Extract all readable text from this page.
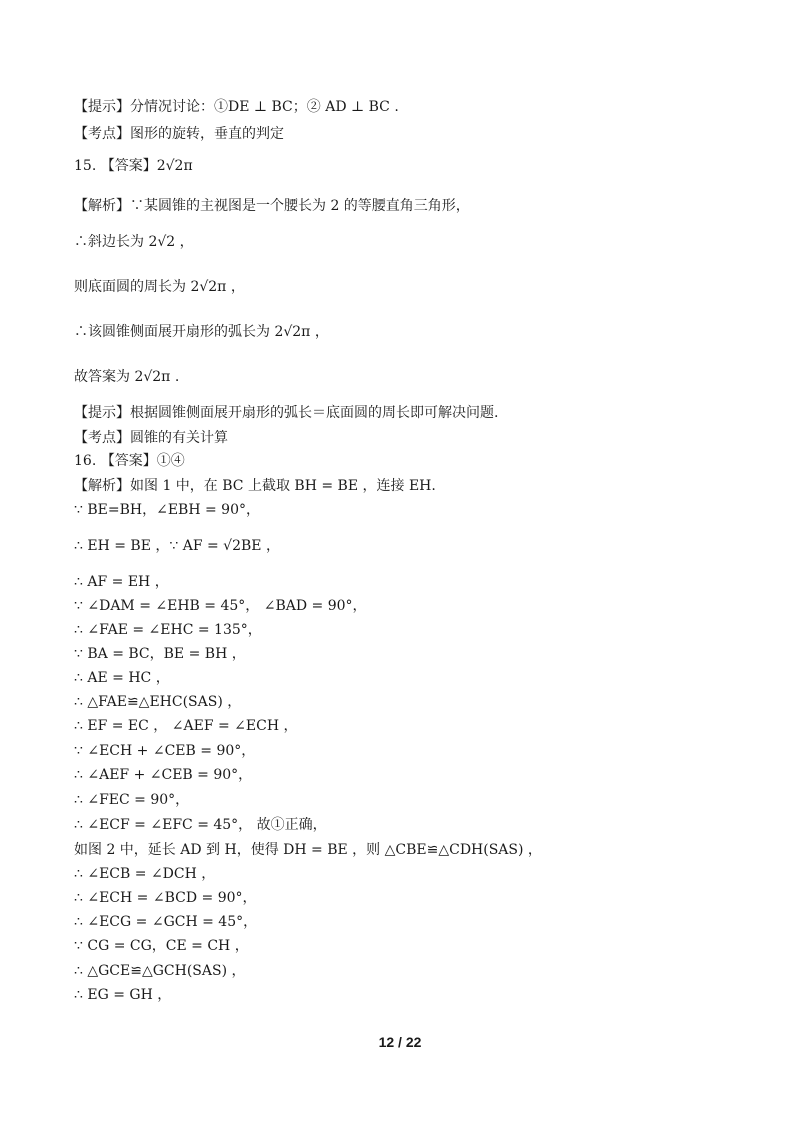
【提示】分情况讨论：①DE ⊥ BC；② AD ⊥ BC .
【考点】图形的旋转，垂直的判定
15. 【答案】2√2π
【解析】∵某圆锥的主视图是一个腰长为 2 的等腰直角三角形，
∴斜边长为 2√2 ，
则底面圆的周长为 2√2π ，
∴该圆锥侧面展开扇形的弧长为 2√2π ，
故答案为 2√2π .
【提示】根据圆锥侧面展开扇形的弧长＝底面圆的周长即可解决问题.
【考点】圆锥的有关计算
16. 【答案】①④
【解析】如图 1 中，在 BC 上截取 BH = BE ，连接 EH.
∵ BE=BH，∠EBH = 90°，
∴ EH = BE ，∵ AF = √2BE ，
∴ AF = EH ，
∵ ∠DAM = ∠EHB = 45°， ∠BAD = 90°，
∴ ∠FAE = ∠EHC = 135°，
∵ BA = BC，BE = BH ，
∴ AE = HC ，
∴ △FAE≌△EHC(SAS) ，
∴ EF = EC ， ∠AEF = ∠ECH ，
∵ ∠ECH + ∠CEB = 90°，
∴ ∠AEF + ∠CEB = 90°，
∴ ∠FEC = 90°，
∴ ∠ECF = ∠EFC = 45°， 故①正确，
如图 2 中，延长 AD 到 H，使得 DH = BE ，则 △CBE≌△CDH(SAS) ，
∴ ∠ECB = ∠DCH ，
∴ ∠ECH = ∠BCD = 90°，
∴ ∠ECG = ∠GCH = 45°，
∵ CG = CG，CE = CH ，
∴ △GCE≌△GCH(SAS) ，
∴ EG = GH ，
12 / 22
